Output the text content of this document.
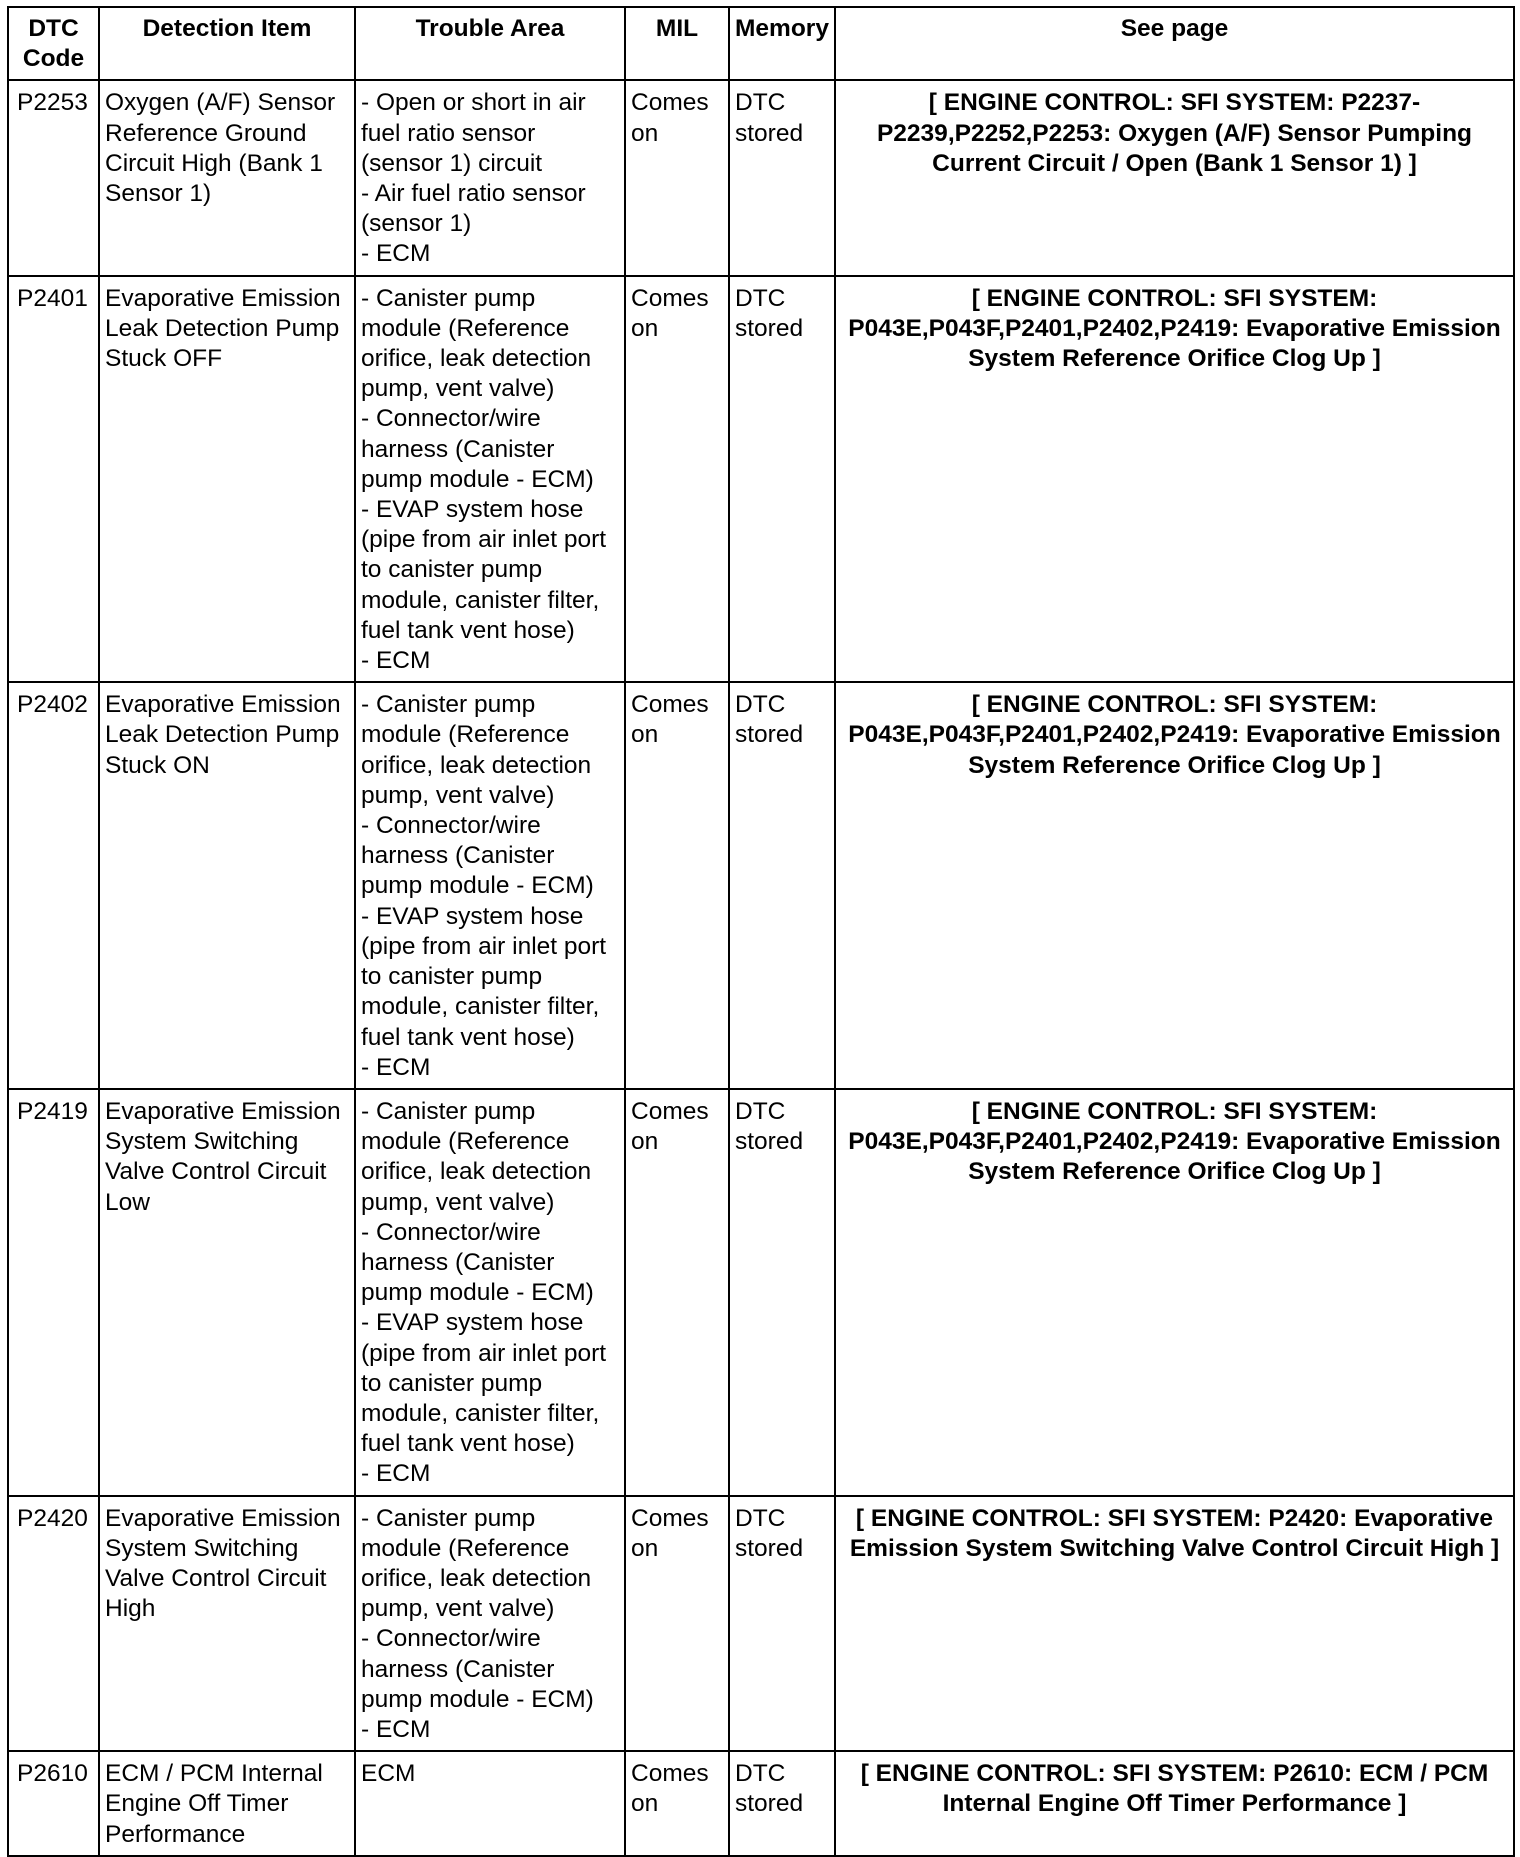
DTC
Code	Detection Item	Trouble Area	MIL	Memory	See page
P2253	Oxygen (A/F) Sensor Reference Ground Circuit High (Bank 1 Sensor 1)	- Open or short in air fuel ratio sensor (sensor 1) circuit
- Air fuel ratio sensor (sensor 1)
- ECM	Comes on	DTC stored	[ ENGINE CONTROL: SFI SYSTEM: P2237-P2239,P2252,P2253: Oxygen (A/F) Sensor Pumping Current Circuit / Open (Bank 1 Sensor 1) ]
P2401	Evaporative Emission Leak Detection Pump Stuck OFF	- Canister pump module (Reference orifice, leak detection pump, vent valve)
- Connector/wire harness (Canister pump module - ECM)
- EVAP system hose (pipe from air inlet port to canister pump module, canister filter, fuel tank vent hose)
- ECM	Comes on	DTC stored	[ ENGINE CONTROL: SFI SYSTEM: P043E,P043F,P2401,P2402,P2419: Evaporative Emission System Reference Orifice Clog Up ]
P2402	Evaporative Emission Leak Detection Pump Stuck ON	- Canister pump module (Reference orifice, leak detection pump, vent valve)
- Connector/wire harness (Canister pump module - ECM)
- EVAP system hose (pipe from air inlet port to canister pump module, canister filter, fuel tank vent hose)
- ECM	Comes on	DTC stored	[ ENGINE CONTROL: SFI SYSTEM: P043E,P043F,P2401,P2402,P2419: Evaporative Emission System Reference Orifice Clog Up ]
P2419	Evaporative Emission System Switching Valve Control Circuit Low	- Canister pump module (Reference orifice, leak detection pump, vent valve)
- Connector/wire harness (Canister pump module - ECM)
- EVAP system hose (pipe from air inlet port to canister pump module, canister filter, fuel tank vent hose)
- ECM	Comes on	DTC stored	[ ENGINE CONTROL: SFI SYSTEM: P043E,P043F,P2401,P2402,P2419: Evaporative Emission System Reference Orifice Clog Up ]
P2420	Evaporative Emission System Switching Valve Control Circuit High	- Canister pump module (Reference orifice, leak detection pump, vent valve)
- Connector/wire harness (Canister pump module - ECM)
- ECM	Comes on	DTC stored	[ ENGINE CONTROL: SFI SYSTEM: P2420: Evaporative Emission System Switching Valve Control Circuit High ]
P2610	ECM / PCM Internal Engine Off Timer Performance	ECM	Comes on	DTC stored	[ ENGINE CONTROL: SFI SYSTEM: P2610: ECM / PCM Internal Engine Off Timer Performance ]
